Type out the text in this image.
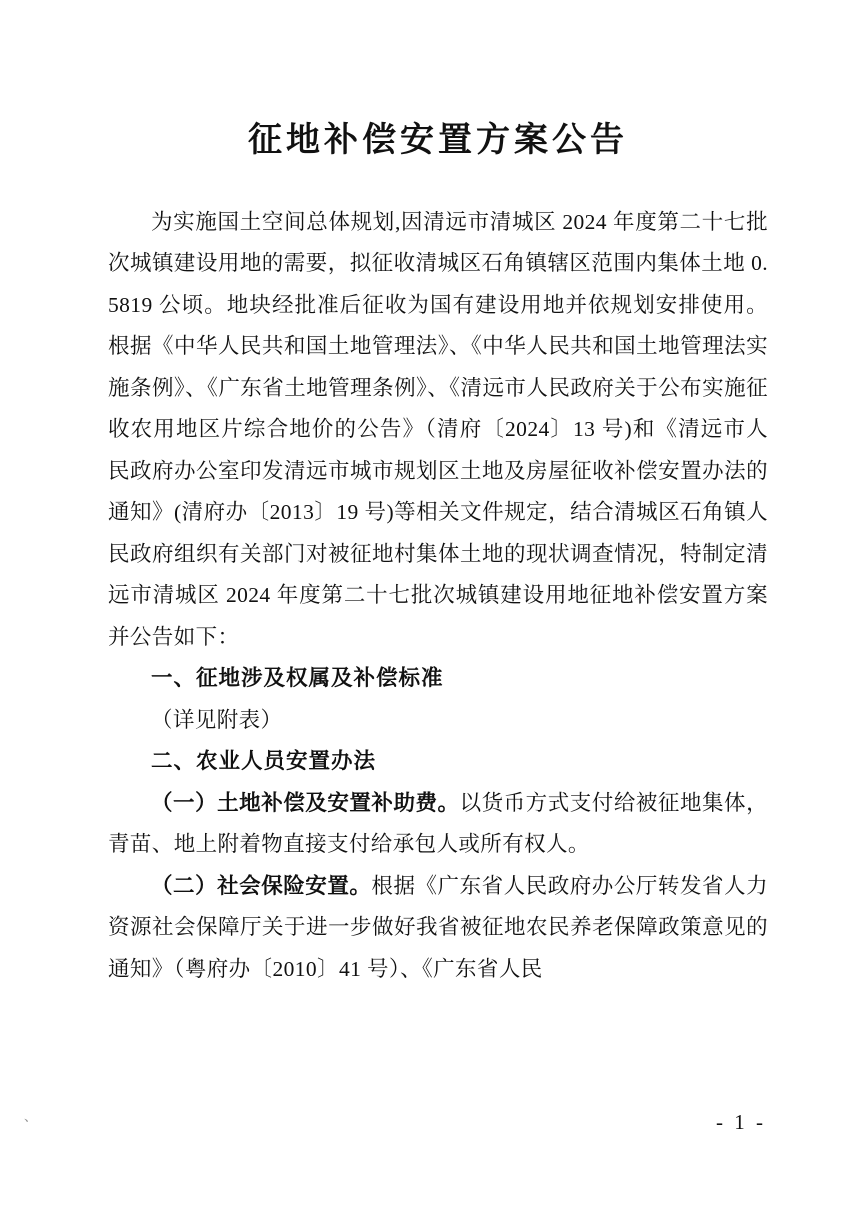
征地补偿安置方案公告

为实施国土空间总体规划,因清远市清城区 2024 年度第二十七批次城镇建设用地的需要，拟征收清城区石角镇辖区范围内集体土地 0.5819 公顷。地块经批准后征收为国有建设用地并依规划安排使用。根据《中华人民共和国土地管理法》、《中华人民共和国土地管理法实施条例》、《广东省土地管理条例》、《清远市人民政府关于公布实施征收农用地区片综合地价的公告》（清府〔2024〕13 号)和《清远市人民政府办公室印发清远市城市规划区土地及房屋征收补偿安置办法的通知》(清府办〔2013〕19 号)等相关文件规定，结合清城区石角镇人民政府组织有关部门对被征地村集体土地的现状调查情况，特制定清远市清城区 2024 年度第二十七批次城镇建设用地征地补偿安置方案并公告如下：

一、征地涉及权属及补偿标准

（详见附表）

二、农业人员安置办法

（一）土地补偿及安置补助费。以货币方式支付给被征地集体，青苗、地上附着物直接支付给承包人或所有权人。

（二）社会保险安置。根据《广东省人民政府办公厅转发省人力资源社会保障厅关于进一步做好我省被征地农民养老保障政策意见的通知》（粤府办〔2010〕41 号）、《广东省人民

、	- 1 -
